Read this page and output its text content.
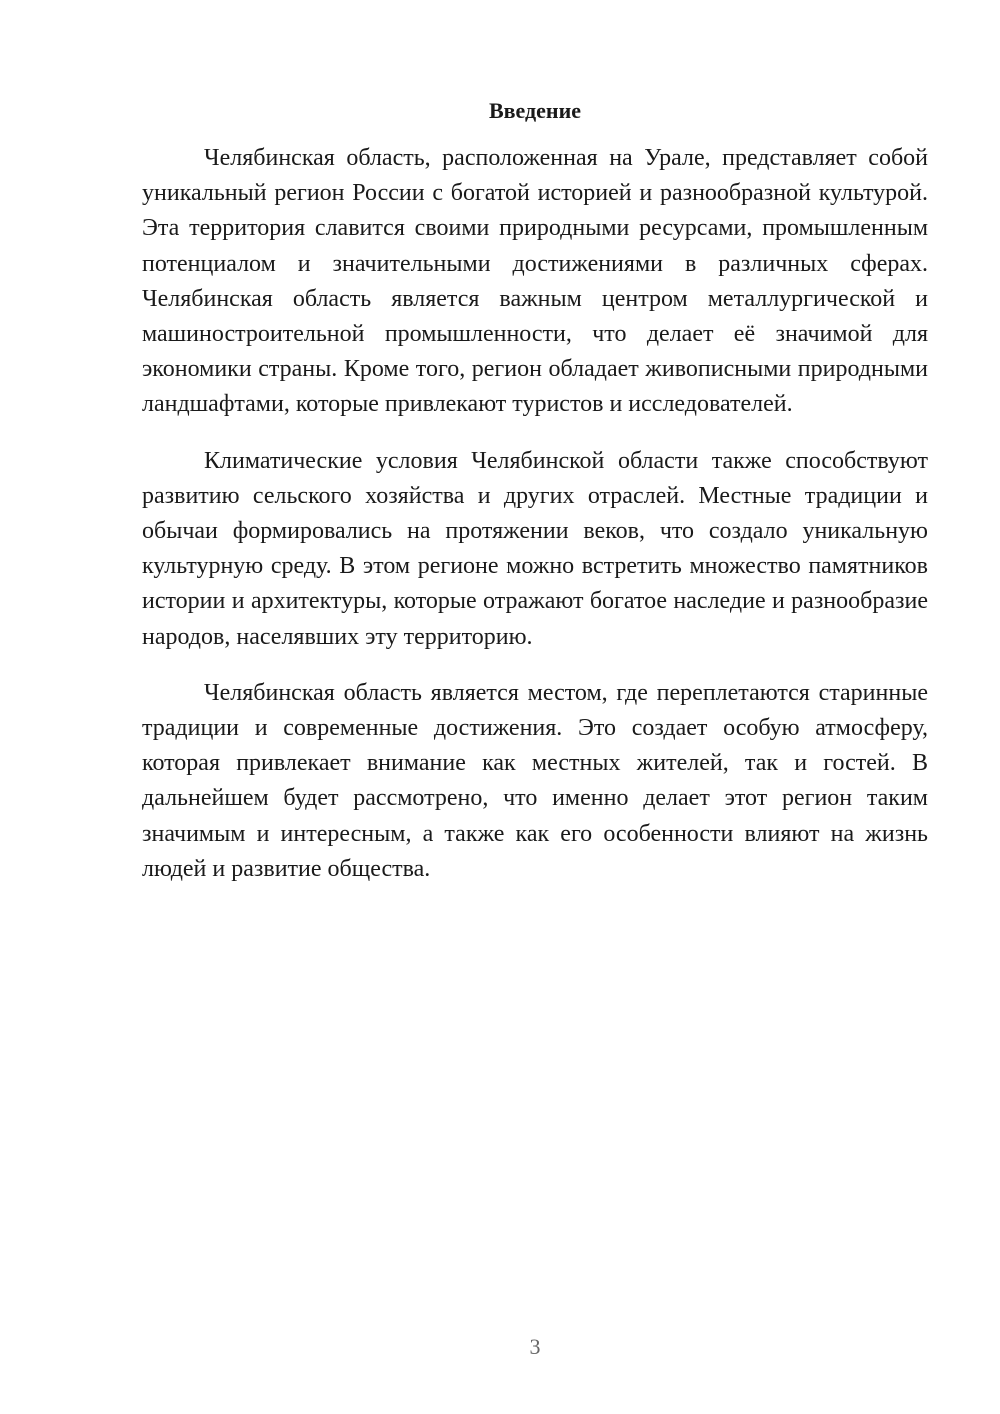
Введение

Челябинская область, расположенная на Урале, представляет собой уникальный регион России с богатой историей и разнообразной культурой. Эта территория славится своими природными ресурсами, промышленным потенциалом и значительными достижениями в различных сферах. Челябинская область является важным центром металлургической и машиностроительной промышленности, что делает её значимой для экономики страны. Кроме того, регион обладает живописными природными ландшафтами, которые привлекают туристов и исследователей.

Климатические условия Челябинской области также способствуют развитию сельского хозяйства и других отраслей. Местные традиции и обычаи формировались на протяжении веков, что создало уникальную культурную среду. В этом регионе можно встретить множество памятников истории и архитектуры, которые отражают богатое наследие и разнообразие народов, населявших эту территорию.

Челябинская область является местом, где переплетаются старинные традиции и современные достижения. Это создает особую атмосферу, которая привлекает внимание как местных жителей, так и гостей. В дальнейшем будет рассмотрено, что именно делает этот регион таким значимым и интересным, а также как его особенности влияют на жизнь людей и развитие общества.

3
